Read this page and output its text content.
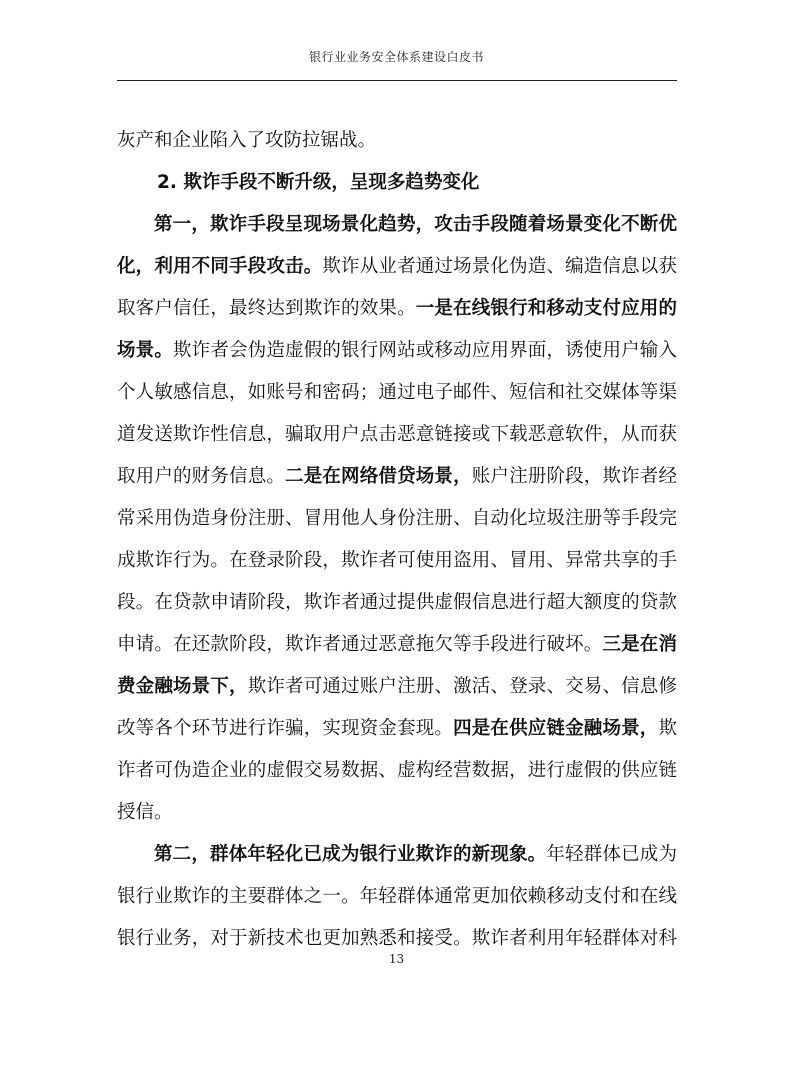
银行业业务安全体系建设白皮书
灰产和企业陷入了攻防拉锯战。
2. 欺诈手段不断升级，呈现多趋势变化
第一，欺诈手段呈现场景化趋势，攻击手段随着场景变化不断优
化，利用不同手段攻击。欺诈从业者通过场景化伪造、编造信息以获
取客户信任，最终达到欺诈的效果。一是在线银行和移动支付应用的
场景。欺诈者会伪造虚假的银行网站或移动应用界面，诱使用户输入
个人敏感信息，如账号和密码；通过电子邮件、短信和社交媒体等渠
道发送欺诈性信息，骗取用户点击恶意链接或下载恶意软件，从而获
取用户的财务信息。二是在网络借贷场景，账户注册阶段，欺诈者经
常采用伪造身份注册、冒用他人身份注册、自动化垃圾注册等手段完
成欺诈行为。在登录阶段，欺诈者可使用盗用、冒用、异常共享的手
段。在贷款申请阶段，欺诈者通过提供虚假信息进行超大额度的贷款
申请。在还款阶段，欺诈者通过恶意拖欠等手段进行破坏。三是在消
费金融场景下，欺诈者可通过账户注册、激活、登录、交易、信息修
改等各个环节进行诈骗，实现资金套现。四是在供应链金融场景，欺
诈者可伪造企业的虚假交易数据、虚构经营数据，进行虚假的供应链
授信。
第二，群体年轻化已成为银行业欺诈的新现象。年轻群体已成为
银行业欺诈的主要群体之一。年轻群体通常更加依赖移动支付和在线
银行业务，对于新技术也更加熟悉和接受。欺诈者利用年轻群体对科
13
